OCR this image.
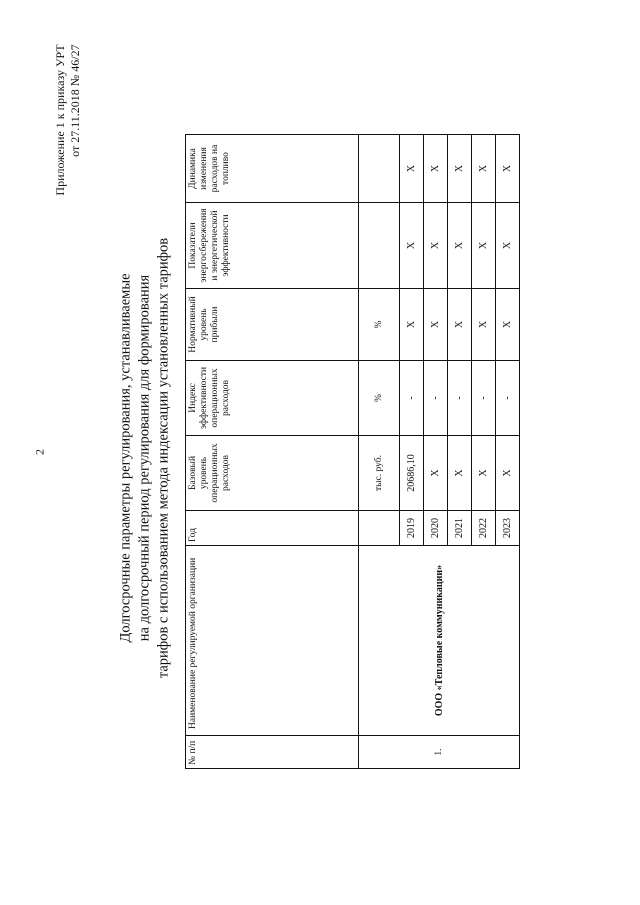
2
Приложение 1 к приказу УРТ от 27.11.2018 № 46/27
Долгосрочные параметры регулирования, устанавливаемые на долгосрочный период регулирования для формирования тарифов с использованием метода индексации установленных тарифов
№ п/п	Наименование регулируемой организации	Год	Базовый уровень операционных расходов	Индекс эффективности операционных расходов	Нормативный уровень прибыли	Показатели энергосбережения и энергетической эффективности	Динамика изменения расходов на топливо
1.	ООО «Тепловые коммуникации»		тыс. руб.	%	%		
		2019	20686,10	-	Х	Х	Х
		2020	Х	-	Х	Х	Х
		2021	Х	-	Х	Х	Х
		2022	Х	-	Х	Х	Х
		2023	Х	-	Х	Х	Х
